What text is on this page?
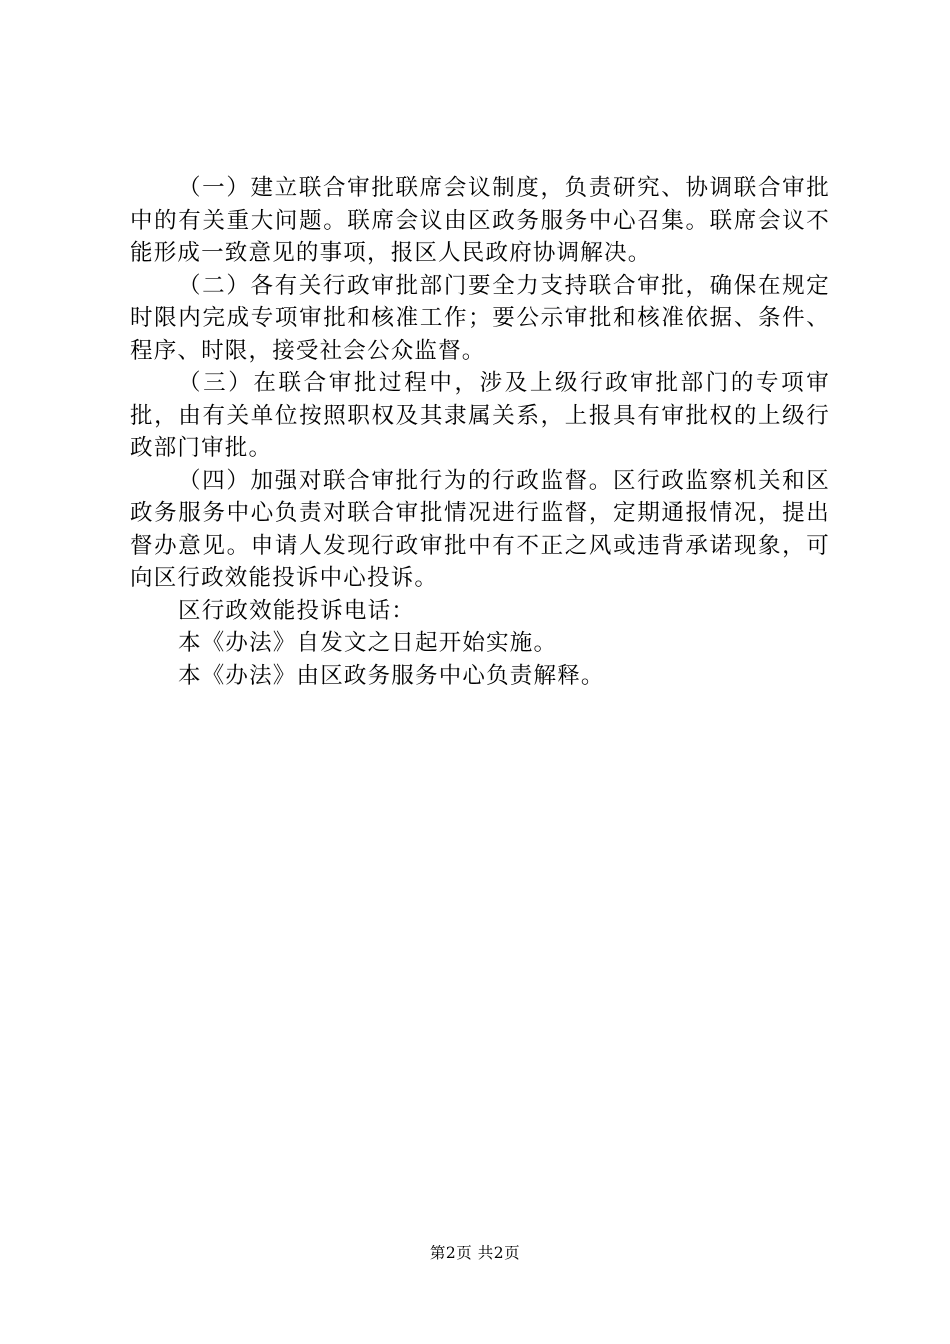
（一）建立联合审批联席会议制度，负责研究、协调联合审批中的有关重大问题。联席会议由区政务服务中心召集。联席会议不能形成一致意见的事项，报区人民政府协调解决。

（二）各有关行政审批部门要全力支持联合审批，确保在规定时限内完成专项审批和核准工作；要公示审批和核准依据、条件、程序、时限，接受社会公众监督。

（三）在联合审批过程中，涉及上级行政审批部门的专项审批，由有关单位按照职权及其隶属关系，上报具有审批权的上级行政部门审批。

（四）加强对联合审批行为的行政监督。区行政监察机关和区政务服务中心负责对联合审批情况进行监督，定期通报情况，提出督办意见。申请人发现行政审批中有不正之风或违背承诺现象，可向区行政效能投诉中心投诉。

区行政效能投诉电话：

本《办法》自发文之日起开始实施。

本《办法》由区政务服务中心负责解释。

第2页 共2页
